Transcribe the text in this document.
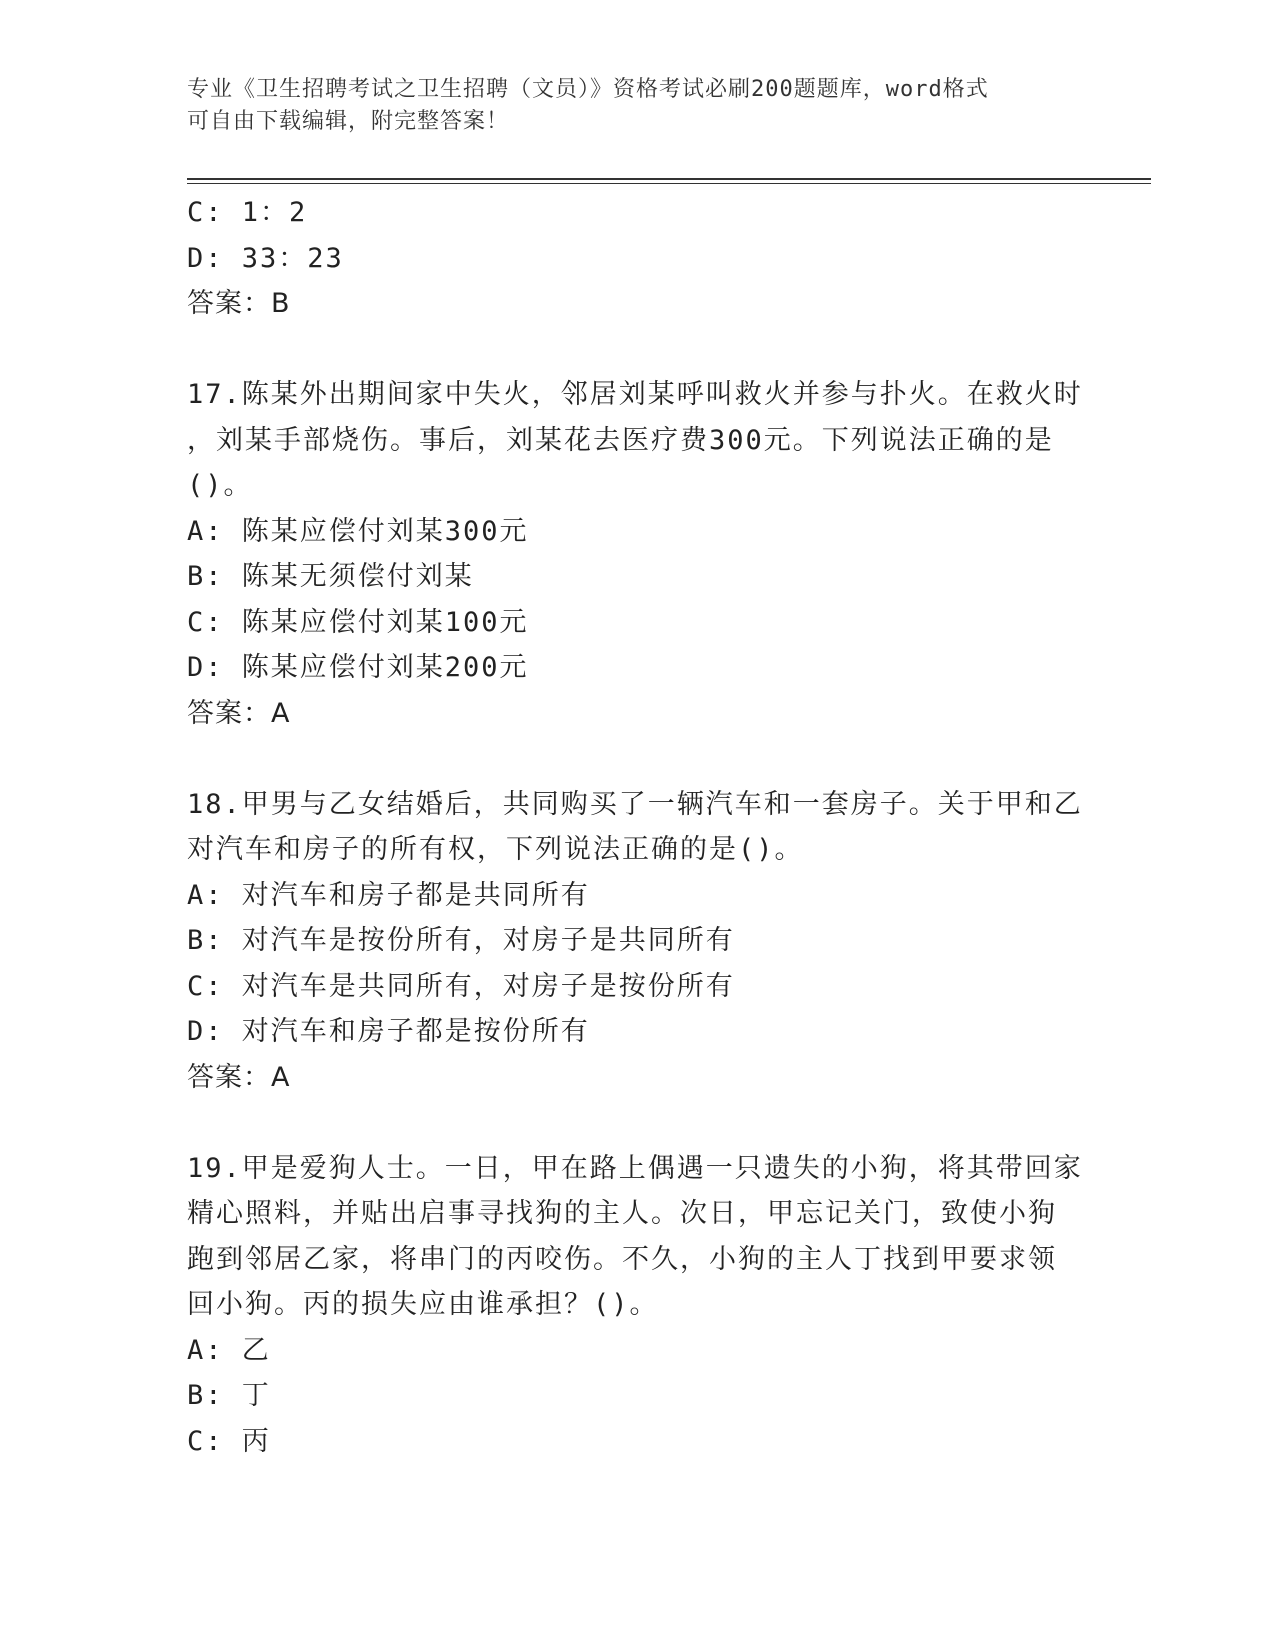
专业《卫生招聘考试之卫生招聘（文员）》资格考试必刷200题题库，word格式
可自由下载编辑，附完整答案！
C: 1：2
D: 33：23
答案：B
17.陈某外出期间家中失火，邻居刘某呼叫救火并参与扑火。在救火时
，刘某手部烧伤。事后，刘某花去医疗费300元。下列说法正确的是
()。
A: 陈某应偿付刘某300元
B: 陈某无须偿付刘某
C: 陈某应偿付刘某100元
D: 陈某应偿付刘某200元
答案：A
18.甲男与乙女结婚后，共同购买了一辆汽车和一套房子。关于甲和乙
对汽车和房子的所有权，下列说法正确的是()。
A: 对汽车和房子都是共同所有
B: 对汽车是按份所有，对房子是共同所有
C: 对汽车是共同所有，对房子是按份所有
D: 对汽车和房子都是按份所有
答案：A
19.甲是爱狗人士。一日，甲在路上偶遇一只遗失的小狗，将其带回家
精心照料，并贴出启事寻找狗的主人。次日，甲忘记关门，致使小狗
跑到邻居乙家，将串门的丙咬伤。不久，小狗的主人丁找到甲要求领
回小狗。丙的损失应由谁承担？()。
A: 乙
B: 丁
C: 丙
